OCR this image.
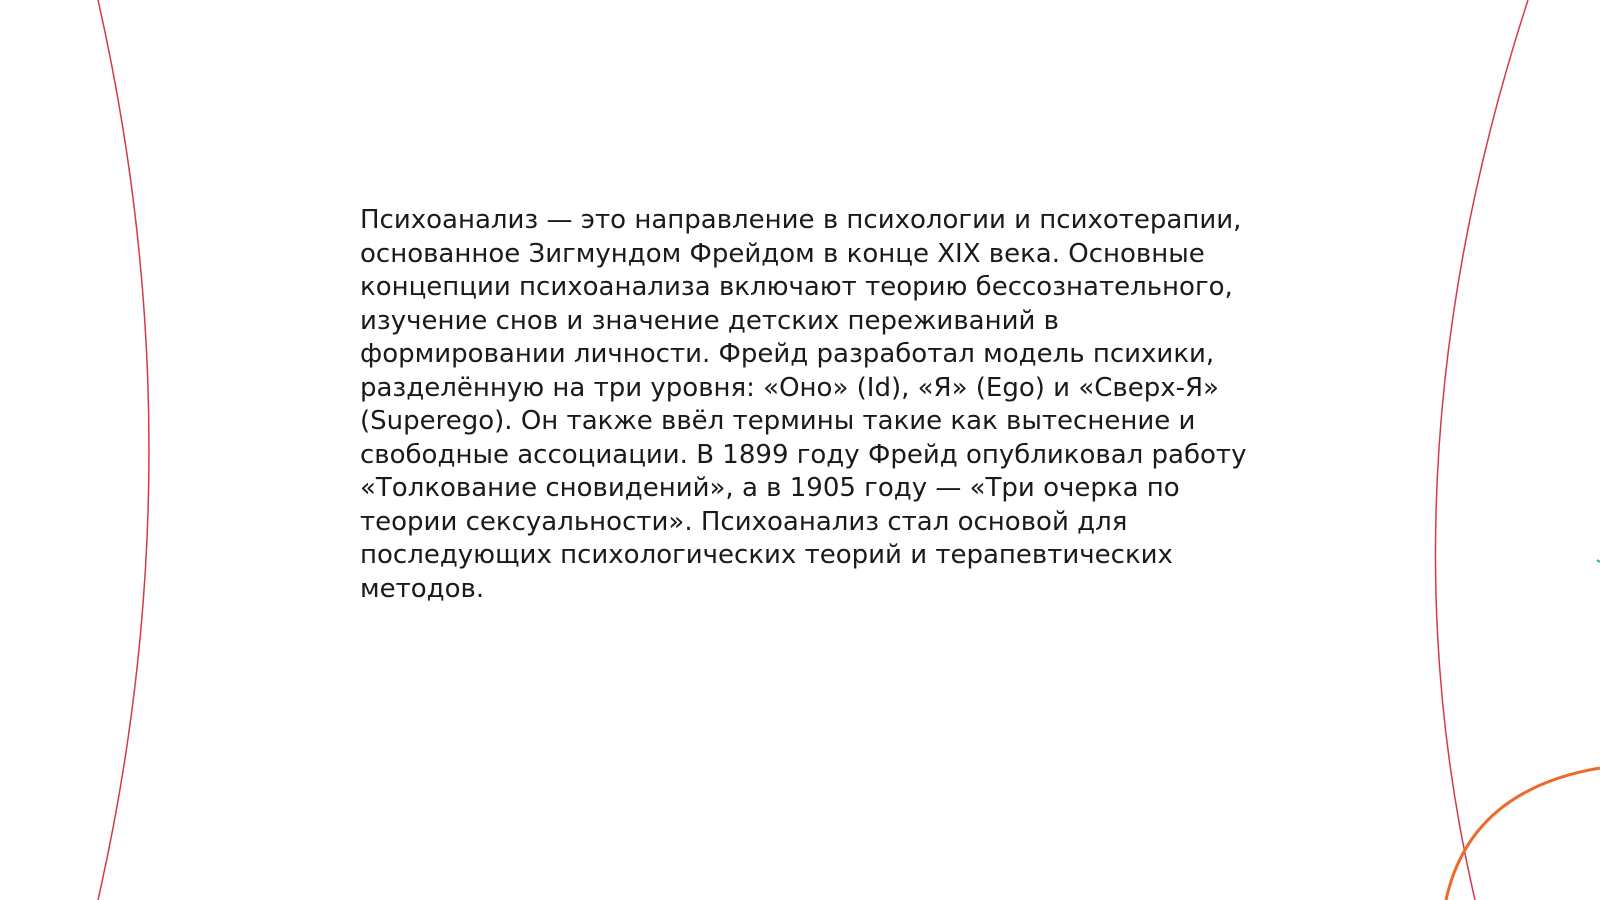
Психоанализ — это направление в психологии и психотерапии,
основанное Зигмундом Фрейдом в конце XIX века. Основные
концепции психоанализа включают теорию бессознательного,
изучение снов и значение детских переживаний в
формировании личности. Фрейд разработал модель психики,
разделённую на три уровня: «Оно» (Id), «Я» (Ego) и «Сверх-Я»
(Superego). Он также ввёл термины такие как вытеснение и
свободные ассоциации. В 1899 году Фрейд опубликовал работу
«Толкование сновидений», а в 1905 году — «Три очерка по
теории сексуальности». Психоанализ стал основой для
последующих психологических теорий и терапевтических
методов.
